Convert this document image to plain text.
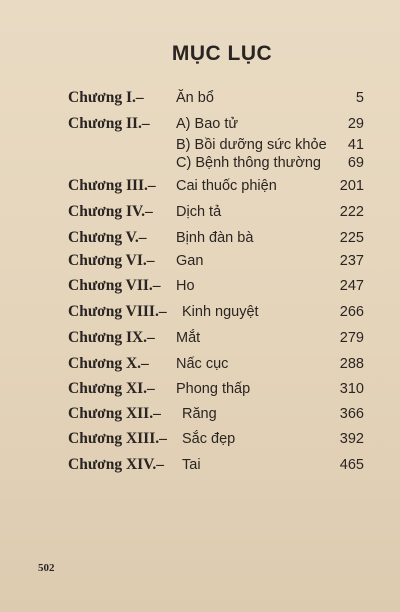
MỤC LỤC
Chương I.– Ăn bổ	5
Chương II.– A) Bao tử	29
B) Bồi dưỡng sức khỏe 41
C) Bệnh thông thường 69
Chương III.– Cai thuốc phiện	201
Chương IV.– Dịch tả	222
Chương V.– Bịnh đàn bà	225
Chương VI.– Gan	237
Chương VII.– Ho	247
Chương VIII.– Kinh nguyệt	266
Chương IX.– Mắt	279
Chương X.– Nấc cục	288
Chương XI.– Phong thấp	310
Chương XII.– Răng	366
Chương XIII.– Sắc đẹp	392
Chương XIV.– Tai	465
502
